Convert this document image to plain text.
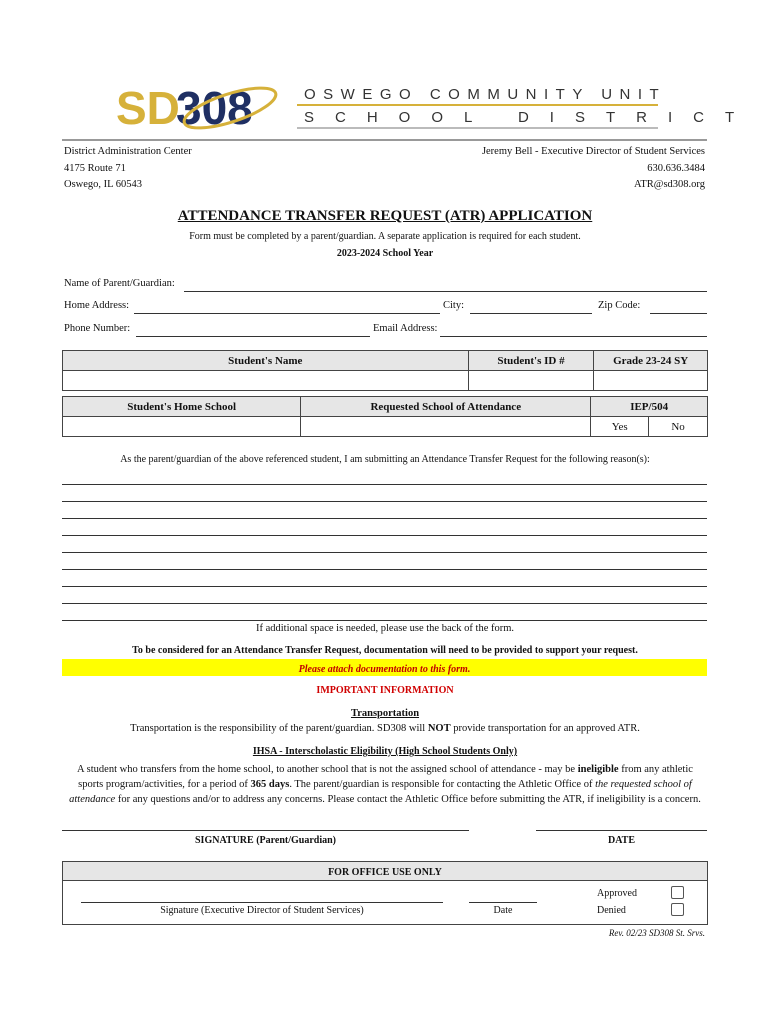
SD
308	OSWEGO COMMUNITY UNIT
SCHOOL DISTRICT
District Administration Center
4175 Route 71
Oswego, IL 60543
Jeremy Bell - Executive Director of Student Services
630.636.3484
ATR@sd308.org
ATTENDANCE TRANSFER REQUEST (ATR) APPLICATION
Form must be completed by a parent/guardian. A separate application is required for each student.
2023-2024 School Year
Name of Parent/Guardian:
Home Address:	City:	Zip Code:
Phone Number:	Email Address:
Student's Name	Student's ID #	Grade 23-24 SY

Student's Home School	Requested School of Attendance	IEP/504	
		Yes	No
As the parent/guardian of the above referenced student, I am submitting an Attendance Transfer Request for the following reason(s):
If additional space is needed, please use the back of the form.
To be considered for an Attendance Transfer Request, documentation will need to be provided to support your request.
Please attach documentation to this form.
IMPORTANT INFORMATION
Transportation
Transportation is the responsibility of the parent/guardian. SD308 will NOT provide transportation for an approved ATR.
IHSA - Interscholastic Eligibility (High School Students Only)
A student who transfers from the home school, to another school that is not the assigned school of attendance - may be ineligible from any athletic
sports program/activities, for a period of 365 days. The parent/guardian is responsible for contacting the Athletic Office of the requested school of
attendance for any questions and/or to address any concerns. Please contact the Athletic Office before submitting the ATR, if ineligibility is a concern.
SIGNATURE (Parent/Guardian)	DATE
FOR OFFICE USE ONLY
Signature (Executive Director of Student Services)	Date
Approved
Denied
Rev. 02/23 SD308 St. Srvs.
